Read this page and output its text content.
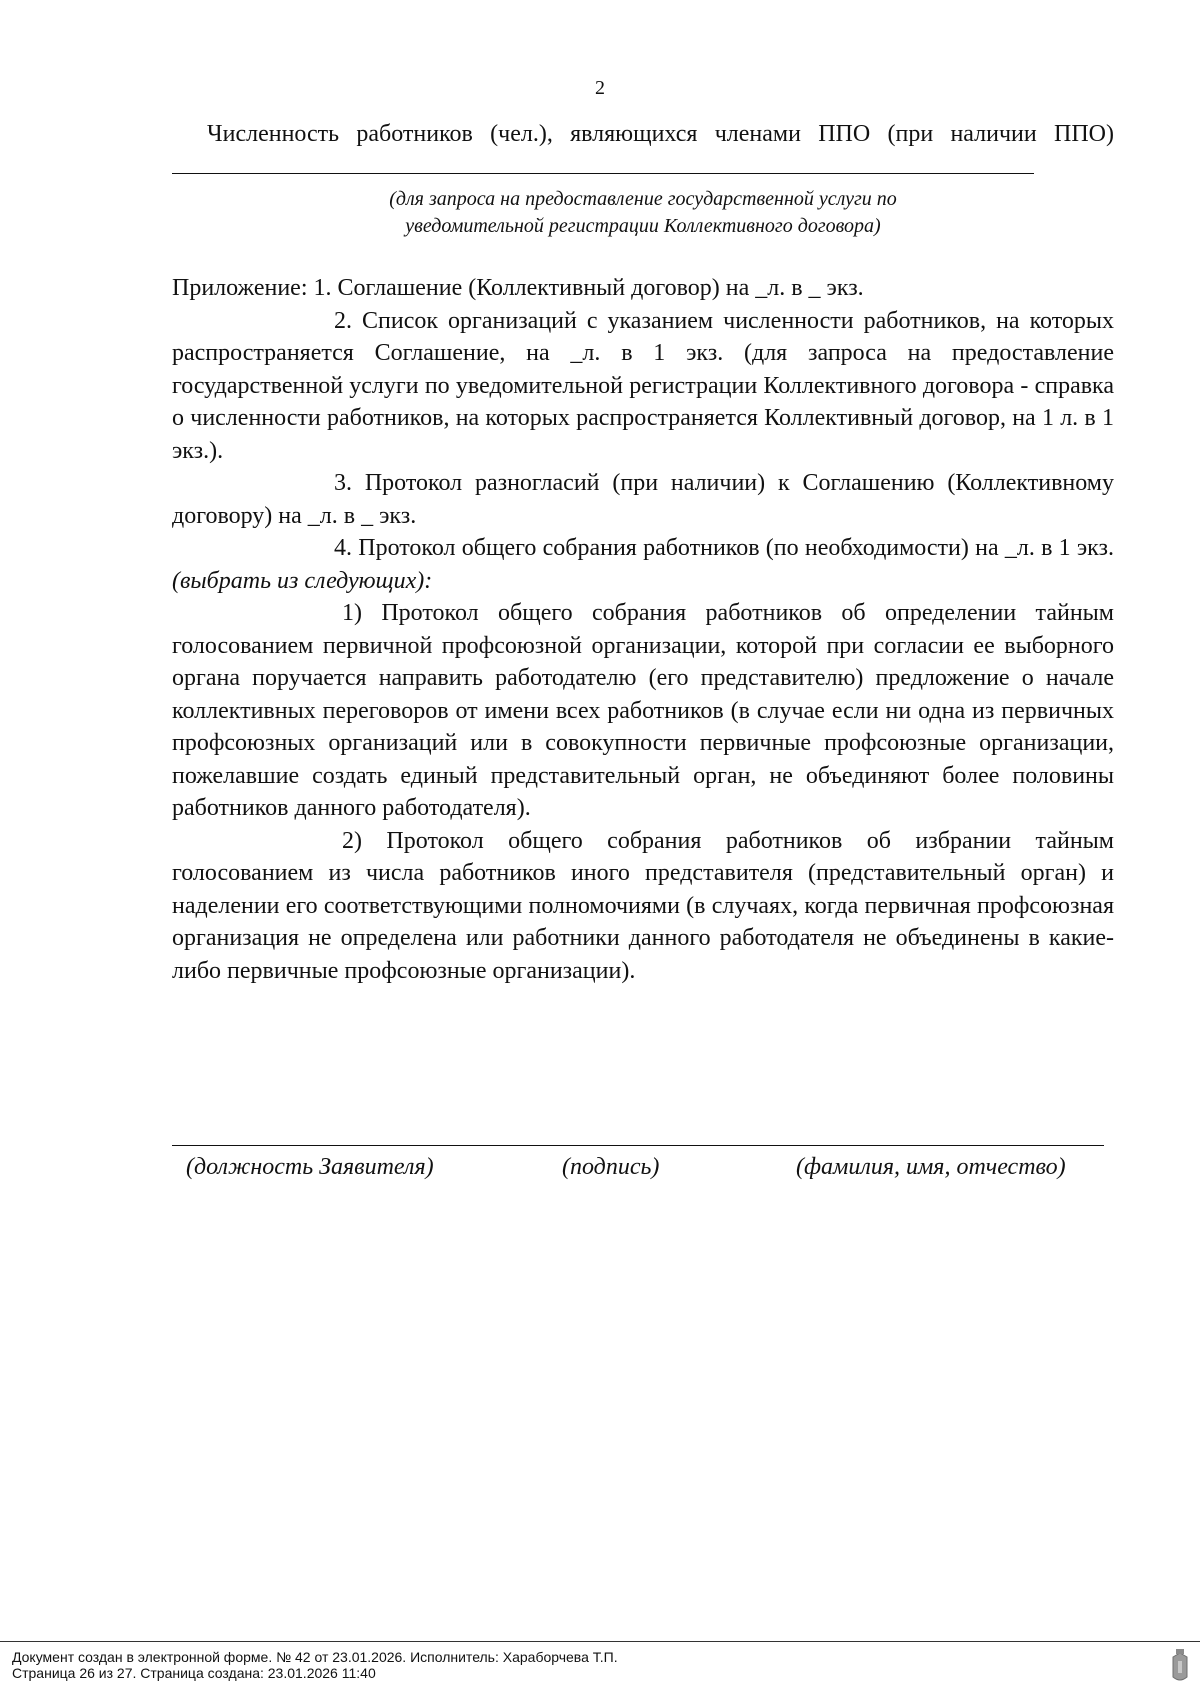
2
Численность работников (чел.), являющихся членами ППО (при наличии ППО)
(для запроса на предоставление государственной услуги по
уведомительной регистрации Коллективного договора)

Приложение: 1. Соглашение (Коллективный договор) на _л. в _ экз.

2. Список организаций с указанием численности работников, на которых распространяется Соглашение, на _л. в 1 экз. (для запроса на предоставление государственной услуги по уведомительной регистрации Коллективного договора - справка о численности работников, на которых распространяется Коллективный договор, на 1 л. в 1 экз.).

3. Протокол разногласий (при наличии) к Соглашению (Коллективному договору) на _л. в _ экз.

4. Протокол общего собрания работников (по необходимости) на _л. в 1 экз. (выбрать из следующих):

1) Протокол общего собрания работников об определении тайным голосованием первичной профсоюзной организации, которой при согласии ее выборного органа поручается направить работодателю (его представителю) предложение о начале коллективных переговоров от имени всех работников (в случае если ни одна из первичных профсоюзных организаций или в совокупности первичные профсоюзные организации, пожелавшие создать единый представительный орган, не объединяют более половины работников данного работодателя).

2) Протокол общего собрания работников об избрании тайным голосованием из числа работников иного представителя (представительный орган) и наделении его соответствующими полномочиями (в случаях, когда первичная профсоюзная организация не определена или работники данного работодателя не объединены в какие-либо первичные профсоюзные организации).

(должность Заявителя)	(подпись)	(фамилия, имя, отчество)
Документ создан в электронной форме. № 42 от 23.01.2026. Исполнитель: Хараборчева Т.П.
Страница 26 из 27. Страница создана: 23.01.2026 11:40
